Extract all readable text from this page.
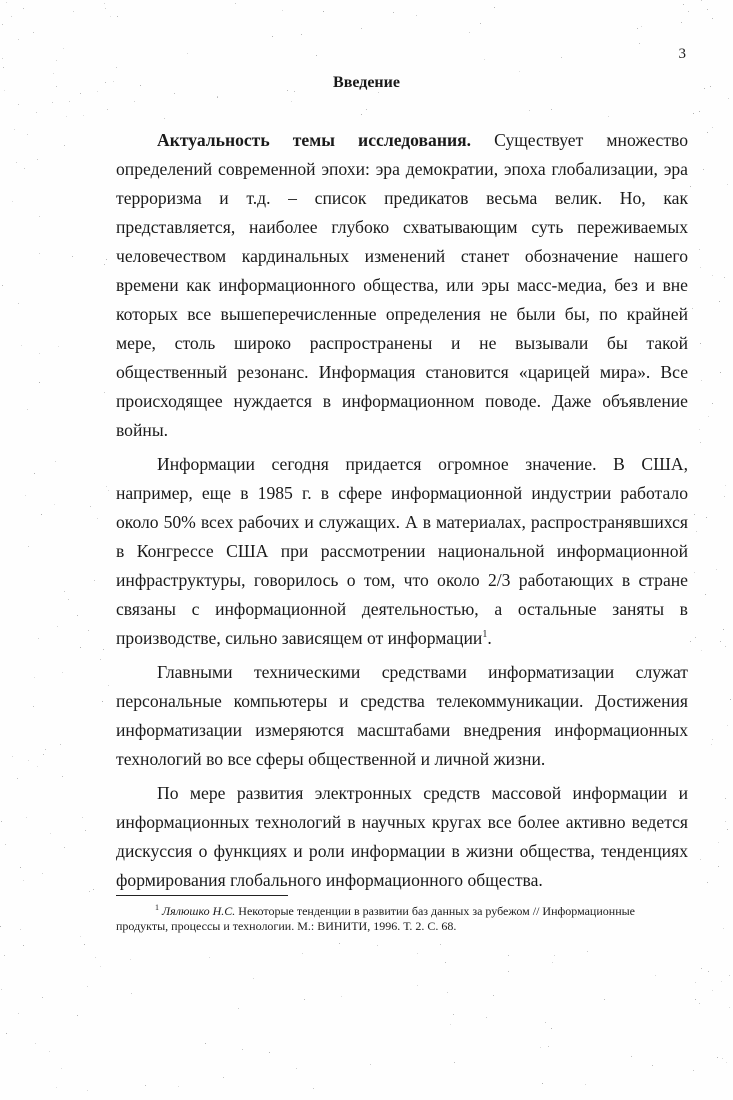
3
Введение

Актуальность темы исследования. Существует множество определений современной эпохи: эра демократии, эпоха глобализации, эра терроризма и т.д. – список предикатов весьма велик. Но, как представляется, наиболее глубоко схватывающим суть переживаемых человечеством кардинальных изменений станет обозначение нашего времени как информационного общества, или эры масс-медиа, без и вне которых все вышеперечисленные определения не были бы, по крайней мере, столь широко распространены и не вызывали бы такой общественный резонанс. Информация становится «царицей мира». Все происходящее нуждается в информационном поводе. Даже объявление войны.

Информации сегодня придается огромное значение. В США, например, еще в 1985 г. в сфере информационной индустрии работало около 50% всех рабочих и служащих. А в материалах, распространявшихся в Конгрессе США при рассмотрении национальной информационной инфраструктуры, говорилось о том, что около 2/3 работающих в стране связаны с информационной деятельностью, а остальные заняты в производстве, сильно зависящем от информации$^1$.

Главными техническими средствами информатизации служат персональные компьютеры и средства телекоммуникации. Достижения информатизации измеряются масштабами внедрения информационных технологий во все сферы общественной и личной жизни.

По мере развития электронных средств массовой информации и информационных технологий в научных кругах все более активно ведется дискуссия о функциях и роли информации в жизни общества, тенденциях формирования глобального информационного общества.

$^1$ Лялюшко Н.С. Некоторые тенденции в развитии баз данных за рубежом // Информационные продукты, процессы и технологии. М.: ВИНИТИ, 1996. Т. 2. С. 68.
